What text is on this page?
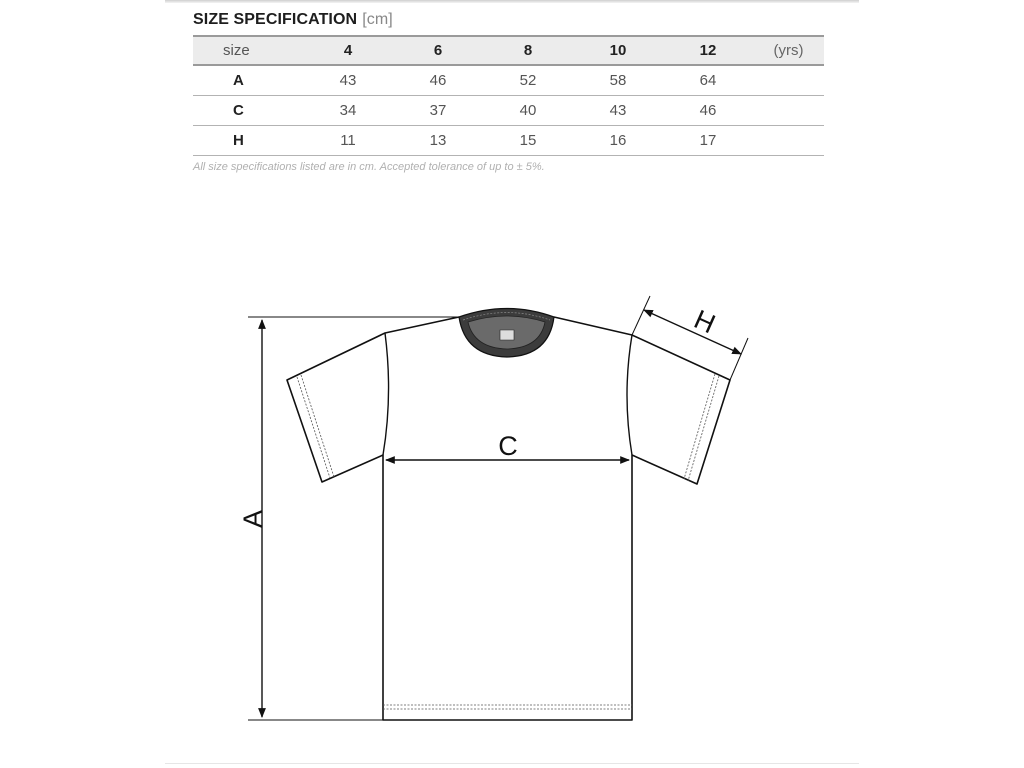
SIZE SPECIFICATION [cm]
size	4	6	8	10	12	(yrs)
A	43	46	52	58	64	
C	34	37	40	43	46	
H	11	13	15	16	17	
All size specifications listed are in cm. Accepted tolerance of up to ± 5%.
A
C
H
